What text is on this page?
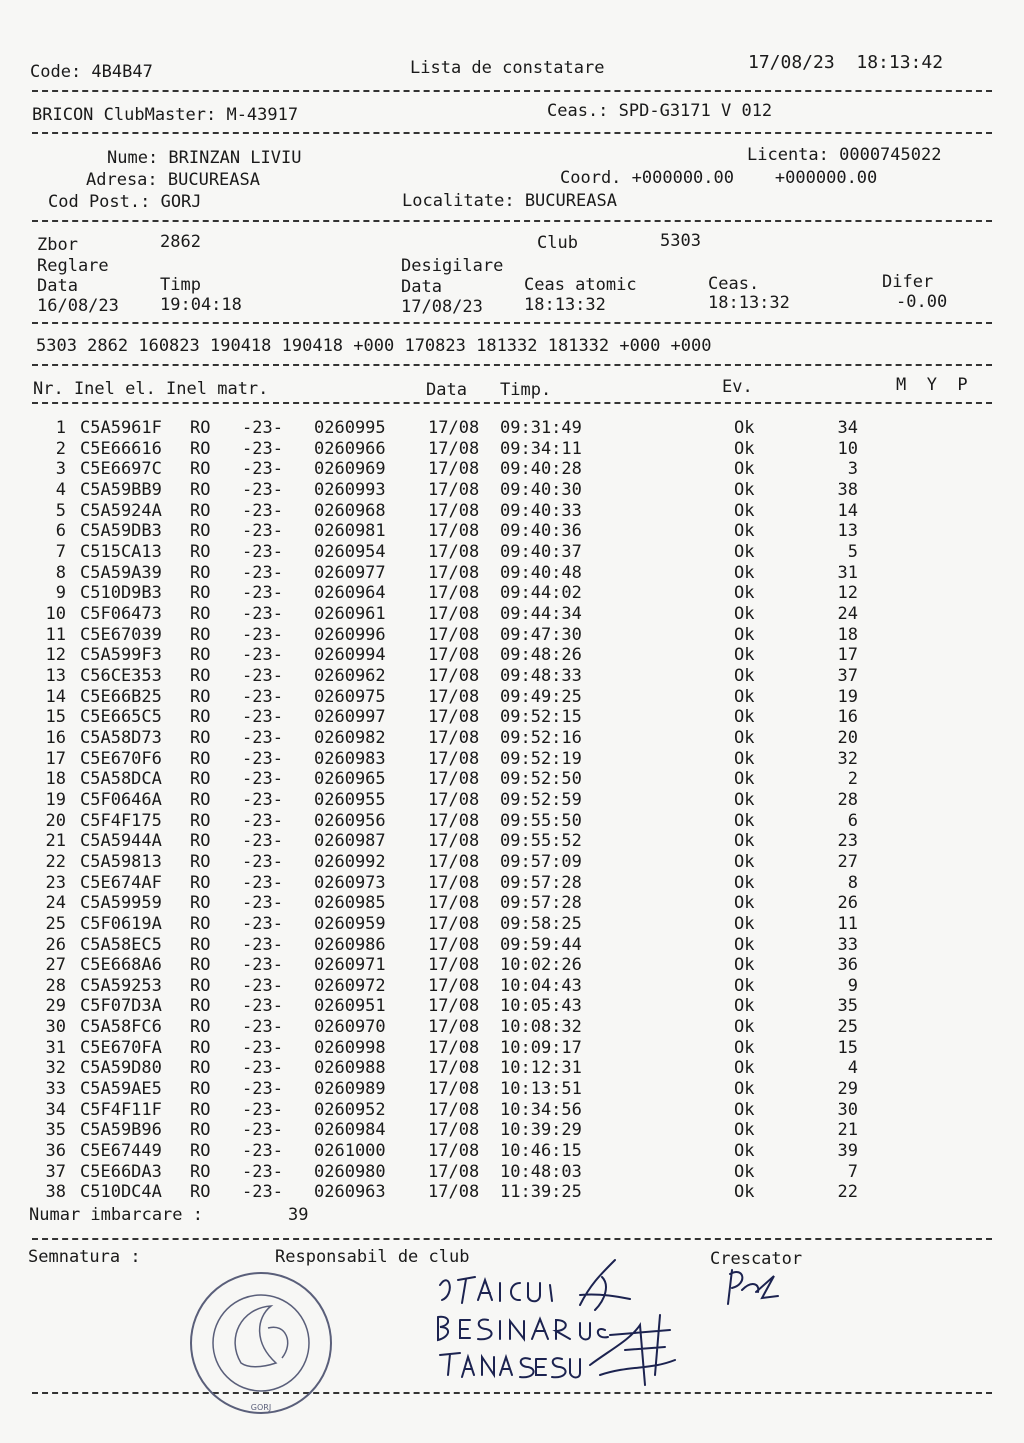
Code: 4B4B47	Lista de constatare	17/08/23  18:13:42
BRICON ClubMaster: M-43917	Ceas.: SPD-G3171 V 012
Nume: BRINZAN LIVIU	Licenta: 0000745022
Adresa: BUCUREASA	Coord. +000000.00    +000000.00
Cod Post.: GORJ	Localitate: BUCUREASA
Zbor	2862	Club	5303
Reglare	Desigilare
Data	Timp	Data	Ceas atomic	Ceas.	Difer
16/08/23 19:04:18	17/08/23 18:13:32	18:13:32	-0.00
5303 2862 160823 190418 190418 +000 170823 181332 181332 +000 +000
Nr. Inel el. Inel matr.	Data Timp.	Ev.	M  Y  P
1 C5A5961F RO -23- 0260995 17/08 09:31:49	Ok	34
2 C5E66616 RO -23- 0260966 17/08 09:34:11	Ok	10
3 C5E6697C RO -23- 0260969 17/08 09:40:28	Ok	3
4 C5A59BB9 RO -23- 0260993 17/08 09:40:30	Ok	38
5 C5A5924A RO -23- 0260968 17/08 09:40:33	Ok	14
6 C5A59DB3 RO -23- 0260981 17/08 09:40:36	Ok	13
7 C515CA13 RO -23- 0260954 17/08 09:40:37	Ok	5
8 C5A59A39 RO -23- 0260977 17/08 09:40:48	Ok	31
9 C510D9B3 RO -23- 0260964 17/08 09:44:02	Ok	12
10 C5F06473 RO -23- 0260961 17/08 09:44:34	Ok	24
11 C5E67039 RO -23- 0260996 17/08 09:47:30	Ok	18
12 C5A599F3 RO -23- 0260994 17/08 09:48:26	Ok	17
13 C56CE353 RO -23- 0260962 17/08 09:48:33	Ok	37
14 C5E66B25 RO -23- 0260975 17/08 09:49:25	Ok	19
15 C5E665C5 RO -23- 0260997 17/08 09:52:15	Ok	16
16 C5A58D73 RO -23- 0260982 17/08 09:52:16	Ok	20
17 C5E670F6 RO -23- 0260983 17/08 09:52:19	Ok	32
18 C5A58DCA RO -23- 0260965 17/08 09:52:50	Ok	2
19 C5F0646A RO -23- 0260955 17/08 09:52:59	Ok	28
20 C5F4F175 RO -23- 0260956 17/08 09:55:50	Ok	6
21 C5A5944A RO -23- 0260987 17/08 09:55:52	Ok	23
22 C5A59813 RO -23- 0260992 17/08 09:57:09	Ok	27
23 C5E674AF RO -23- 0260973 17/08 09:57:28	Ok	8
24 C5A59959 RO -23- 0260985 17/08 09:57:28	Ok	26
25 C5F0619A RO -23- 0260959 17/08 09:58:25	Ok	11
26 C5A58EC5 RO -23- 0260986 17/08 09:59:44	Ok	33
27 C5E668A6 RO -23- 0260971 17/08 10:02:26	Ok	36
28 C5A59253 RO -23- 0260972 17/08 10:04:43	Ok	9
29 C5F07D3A RO -23- 0260951 17/08 10:05:43	Ok	35
30 C5A58FC6 RO -23- 0260970 17/08 10:08:32	Ok	25
31 C5E670FA RO -23- 0260998 17/08 10:09:17	Ok	15
32 C5A59D80 RO -23- 0260988 17/08 10:12:31	Ok	4
33 C5A59AE5 RO -23- 0260989 17/08 10:13:51	Ok	29
34 C5F4F11F RO -23- 0260952 17/08 10:34:56	Ok	30
35 C5A59B96 RO -23- 0260984 17/08 10:39:29	Ok	21
36 C5E67449 RO -23- 0261000 17/08 10:46:15	Ok	39
37 C5E66DA3 RO -23- 0260980 17/08 10:48:03	Ok	7
38 C510DC4A RO -23- 0260963 17/08 11:39:25	Ok	22
Numar imbarcare :	39
Semnatura :	Responsabil de club	Crescator
GORJ
